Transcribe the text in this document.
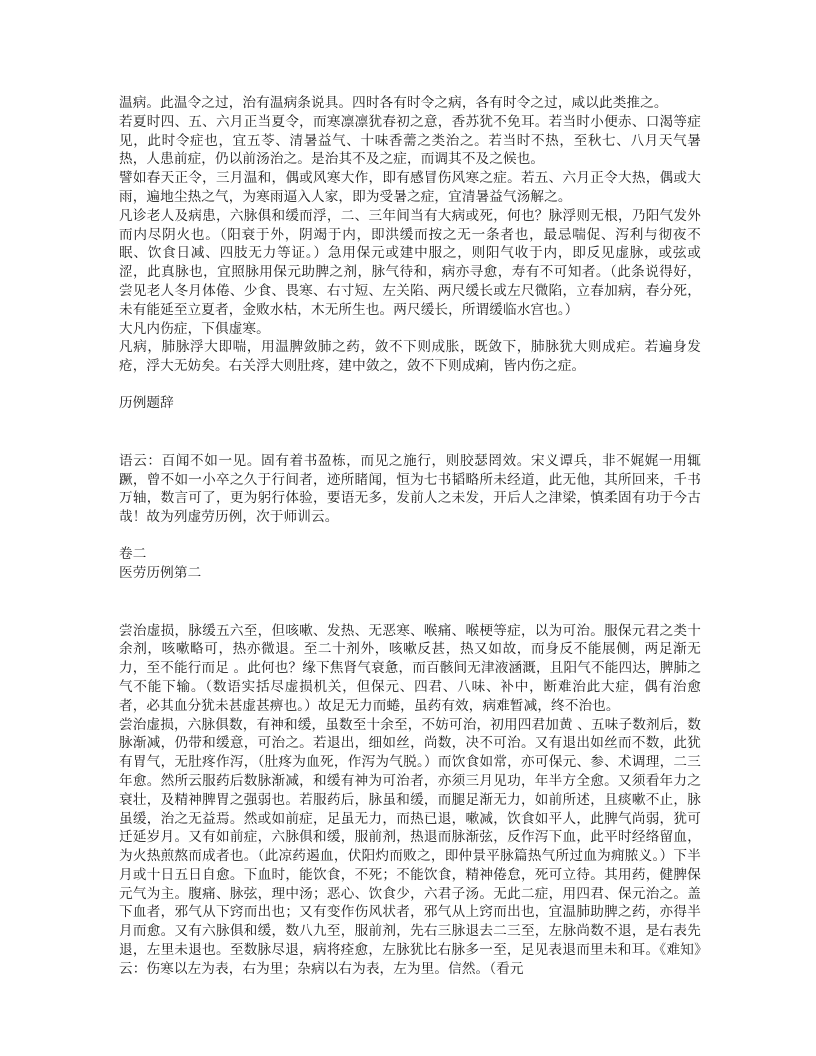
温病。此温令之过，治有温病条说具。四时各有时令之病，各有时令之过，咸以此类推之。

若夏时四、五、六月正当夏令，而寒凛凛犹春初之意，香苏犹不免耳。若当时小便赤、口渴等症见，此时令症也，宜五苓、清暑益气、十味香薷之类治之。若当时不热，至秋七、八月天气暑热，人患前症，仍以前汤治之。是治其不及之症，而调其不及之候也。

譬如春天正令，三月温和，偶或风寒大作，即有感冒伤风寒之症。若五、六月正令大热，偶或大雨，遍地尘热之气，为寒雨逼入人家，即为受暑之症，宜清暑益气汤解之。

凡诊老人及病患，六脉俱和缓而浮，二、三年间当有大病或死，何也？脉浮则无根，乃阳气发外而内尽阴火也。（阳衰于外，阴竭于内，即洪缓而按之无一条者也，最忌喘促、泻利与彻夜不眠、饮食日减、四肢无力等证。）急用保元或建中服之，则阳气收于内，即反见虚脉，或弦或涩，此真脉也，宜照脉用保元助脾之剂，脉气待和，病亦寻愈，寿有不可知者。（此条说得好，尝见老人冬月体倦、少食、畏寒、右寸短、左关陷、两尺缓长或左尺微陷，立春加病，春分死，未有能延至立夏者，金败水枯，木无所生也。两尺缓长，所谓缓临水宫也。）

大凡内伤症，下俱虚寒。

凡病，肺脉浮大即喘，用温脾敛肺之药，敛不下则成胀，既敛下，肺脉犹大则成疟。若遍身发疮，浮大无妨矣。右关浮大则肚疼，建中敛之，敛不下则成痢，皆内伤之症。

历例题辞

语云：百闻不如一见。固有着书盈栋，而见之施行，则胶瑟罔效。宋义谭兵，非不娓娓一用辄蹶，曾不如一小卒之久于行间者，迹所睹闻，恒为七书韬略所未经道，此无他，其所回来，千书万轴，数言可了，更为躬行体验，要语无多，发前人之未发，开后人之津梁，慎柔固有功于今古哉！故为列虚劳历例，次于师训云。

卷二

医劳历例第二

尝治虚损，脉缓五六至，但咳嗽、发热、无恶寒、喉痛、喉梗等症，以为可治。服保元君之类十余剂，咳嗽略可，热亦微退。至二十剂外，咳嗽反甚，热又如故，而身反不能展侧，两足渐无力，至不能行而足 。此何也？缘下焦肾气衰惫，而百骸间无津液涵溉，且阳气不能四达，脾肺之气不能下输。（数语实括尽虚损机关，但保元、四君、八味、补中，断难治此大症，偶有治愈者，必其血分犹未甚虚甚痹也。）故足无力而蜷，虽药有效，病难暂减，终不治也。

尝治虚损，六脉俱数，有神和缓，虽数至十余至，不妨可治，初用四君加黄 、五味子数剂后，数脉渐减，仍带和缓意，可治之。若退出，细如丝，尚数，决不可治。又有退出如丝而不数，此犹有胃气，无肚疼作泻，（肚疼为血死，作泻为气脱。）而饮食如常，亦可保元、参、术调理，二三年愈。然所云服药后数脉渐减，和缓有神为可治者，亦须三月见功，年半方全愈。又须看年力之衰壮，及精神脾胃之强弱也。若服药后，脉虽和缓，而腿足渐无力，如前所述，且痰嗽不止，脉虽缓，治之无益焉。然或如前症，足虽无力，而热已退，嗽减，饮食如平人，此脾气尚弱，犹可迁延岁月。又有如前症，六脉俱和缓，服前剂，热退而脉渐弦，反作泻下血，此平时经络留血，为火热煎熬而成者也。（此凉药遏血，伏阳灼而败之，即仲景平脉篇热气所过血为痈脓义。）下半月或十日五日自愈。下血时，能饮食，不死；不能饮食，精神倦怠，死可立待。其用药，健脾保元气为主。腹痛、脉弦，理中汤；恶心、饮食少，六君子汤。无此二症，用四君、保元治之。盖下血者，邪气从下窍而出也；又有变作伤风状者，邪气从上窍而出也，宜温肺助脾之药，亦得半月而愈。又有六脉俱和缓，数八九至，服前剂，先右三脉退去二三至，左脉尚数不退，是右表先退，左里未退也。至数脉尽退，病将痊愈，左脉犹比右脉多一至，足见表退而里未和耳。《难知》云：伤寒以左为表，右为里；杂病以右为表，左为里。信然。（看元
